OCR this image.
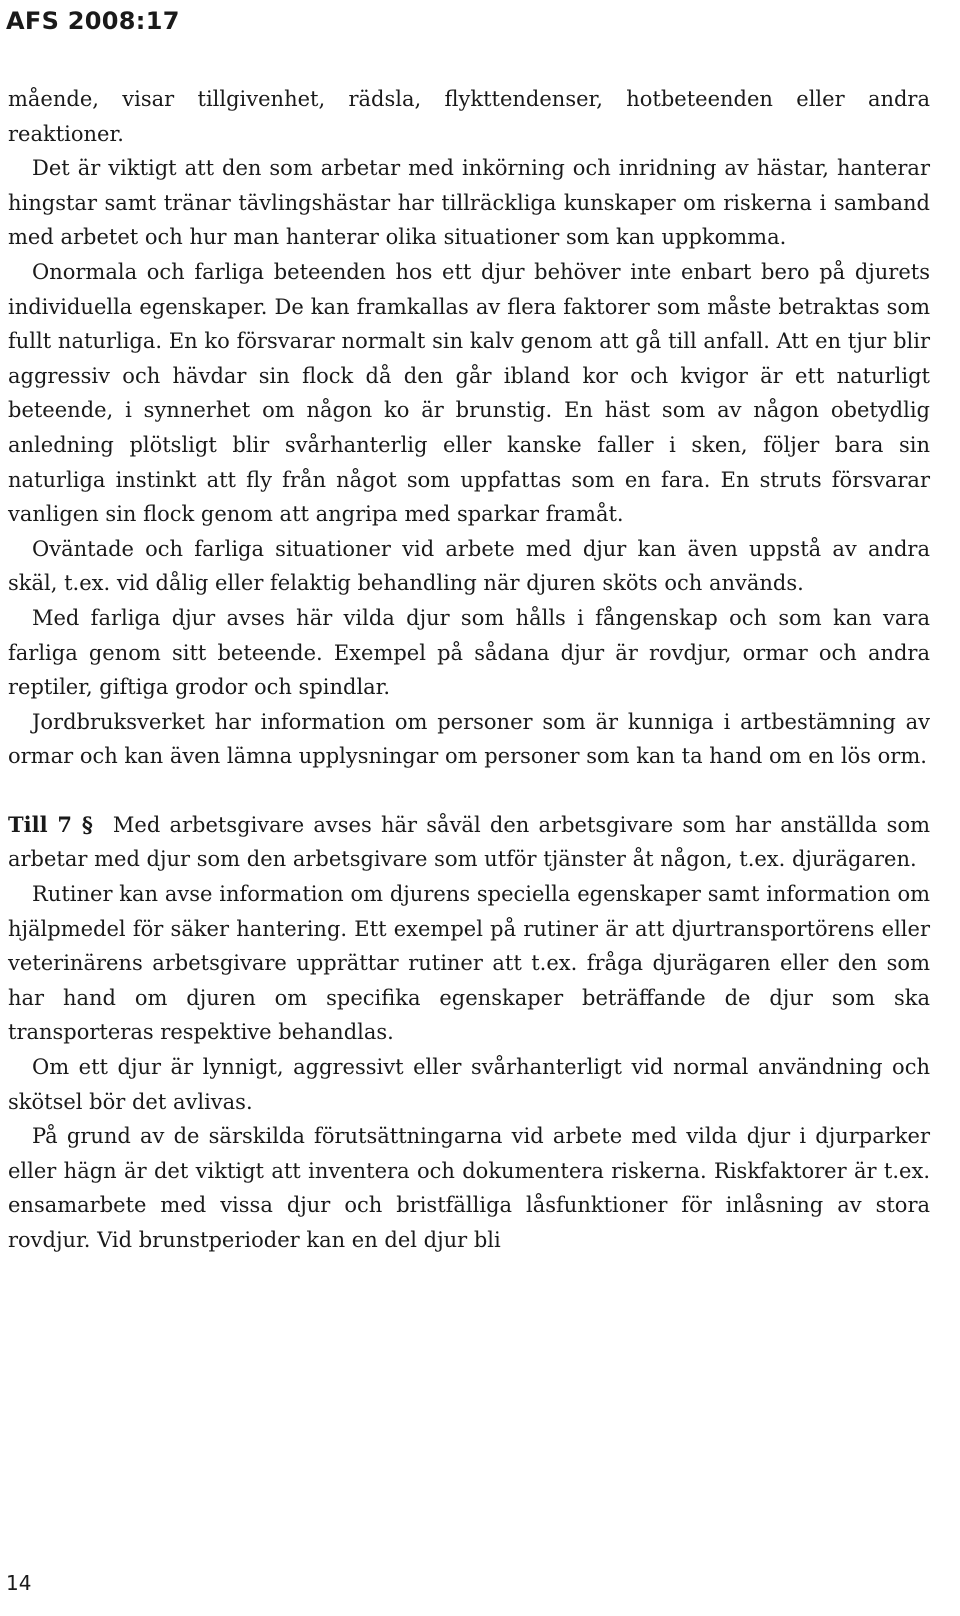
AFS 2008:17

mående, visar tillgivenhet, rädsla, flykttendenser, hotbeteenden eller andra reaktioner.

Det är viktigt att den som arbetar med inkörning och inridning av hästar, hanterar hingstar samt tränar tävlingshästar har tillräckliga kunskaper om riskerna i samband med arbetet och hur man hanterar olika situationer som kan uppkomma.

Onormala och farliga beteenden hos ett djur behöver inte enbart bero på djurets individuella egenskaper. De kan framkallas av flera faktorer som måste betraktas som fullt naturliga. En ko försvarar normalt sin kalv genom att gå till anfall. Att en tjur blir aggressiv och hävdar sin flock då den går ibland kor och kvigor är ett naturligt beteende, i synnerhet om någon ko är brunstig. En häst som av någon obetydlig anledning plötsligt blir svårhanterlig eller kanske faller i sken, följer bara sin naturliga instinkt att fly från något som uppfattas som en fara. En struts försvarar vanligen sin flock genom att angripa med sparkar framåt.

Oväntade och farliga situationer vid arbete med djur kan även uppstå av andra skäl, t.ex. vid dålig eller felaktig behandling när djuren sköts och används.

Med farliga djur avses här vilda djur som hålls i fångenskap och som kan vara farliga genom sitt beteende. Exempel på sådana djur är rovdjur, ormar och andra reptiler, giftiga grodor och spindlar.

Jordbruksverket har information om personer som är kunniga i artbestämning av ormar och kan även lämna upplysningar om personer som kan ta hand om en lös orm.

Till 7 § Med arbetsgivare avses här såväl den arbetsgivare som har anställda som arbetar med djur som den arbetsgivare som utför tjänster åt någon, t.ex. djurägaren.

Rutiner kan avse information om djurens speciella egenskaper samt information om hjälpmedel för säker hantering. Ett exempel på rutiner är att djurtransportörens eller veterinärens arbetsgivare upprättar rutiner att t.ex. fråga djurägaren eller den som har hand om djuren om specifika egenskaper beträffande de djur som ska transporteras respektive behandlas.

Om ett djur är lynnigt, aggressivt eller svårhanterligt vid normal användning och skötsel bör det avlivas.

På grund av de särskilda förutsättningarna vid arbete med vilda djur i djurparker eller hägn är det viktigt att inventera och dokumentera riskerna. Riskfaktorer är t.ex. ensamarbete med vissa djur och bristfälliga låsfunktioner för inlåsning av stora rovdjur. Vid brunstperioder kan en del djur bli

14
